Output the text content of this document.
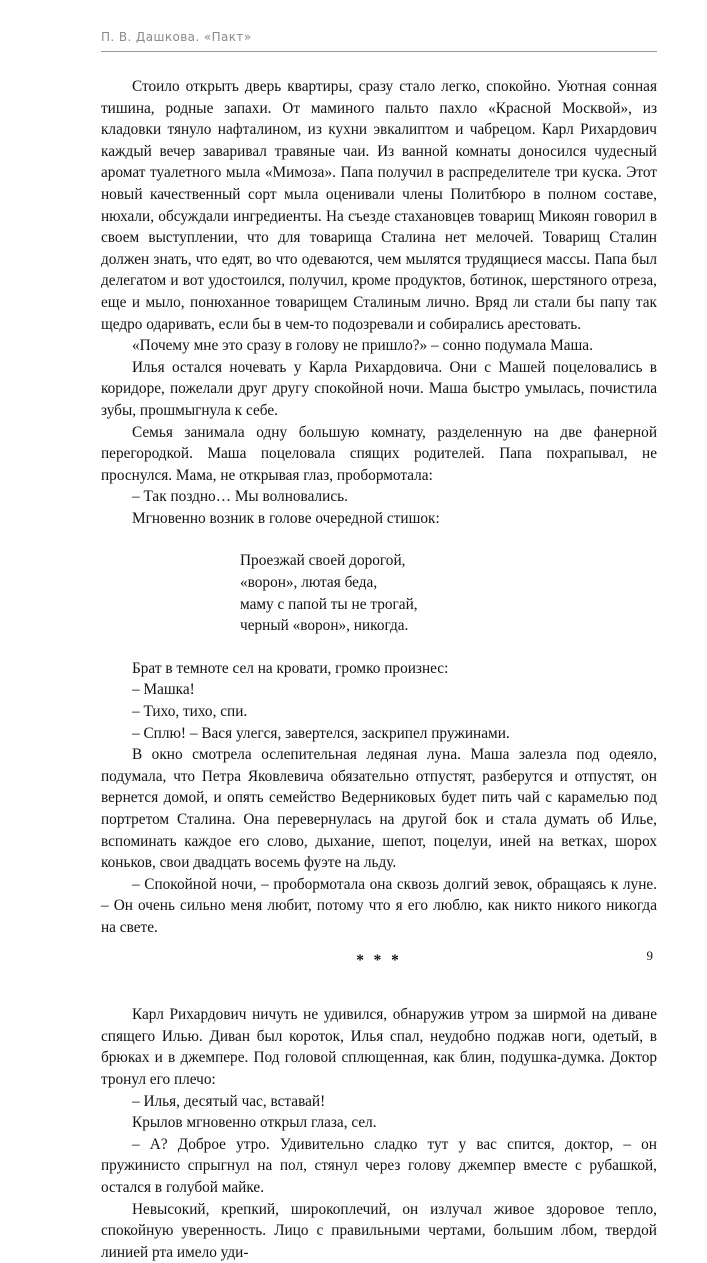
П. В. Дашкова. «Пакт»

Стоило открыть дверь квартиры, сразу стало легко, спокойно. Уютная сонная тишина, родные запахи. От маминого пальто пахло «Красной Москвой», из кладовки тянуло нафталином, из кухни эвкалиптом и чабрецом. Карл Рихардович каждый вечер заваривал травяные чаи. Из ванной комнаты доносился чудесный аромат туалетного мыла «Мимоза». Папа получил в распределителе три куска. Этот новый качественный сорт мыла оценивали члены Политбюро в полном составе, нюхали, обсуждали ингредиенты. На съезде стахановцев товарищ Микоян говорил в своем выступлении, что для товарища Сталина нет мелочей. Товарищ Сталин должен знать, что едят, во что одеваются, чем мылятся трудящиеся массы. Папа был делегатом и вот удостоился, получил, кроме продуктов, ботинок, шерстяного отреза, еще и мыло, понюханное товарищем Сталиным лично. Вряд ли стали бы папу так щедро одаривать, если бы в чем-то подозревали и собирались арестовать.

«Почему мне это сразу в голову не пришло?» – сонно подумала Маша.

Илья остался ночевать у Карла Рихардовича. Они с Машей поцеловались в коридоре, пожелали друг другу спокойной ночи. Маша быстро умылась, почистила зубы, прошмыгнула к себе.

Семья занимала одну большую комнату, разделенную на две фанерной перегородкой. Маша поцеловала спящих родителей. Папа похрапывал, не проснулся. Мама, не открывая глаз, пробормотала:

– Так поздно… Мы волновались.

Мгновенно возник в голове очередной стишок:

Проезжай своей дорогой,
«ворон», лютая беда,
маму с папой ты не трогай,
черный «ворон», никогда.

Брат в темноте сел на кровати, громко произнес:

– Машка!

– Тихо, тихо, спи.

– Сплю! – Вася улегся, завертелся, заскрипел пружинами.

В окно смотрела ослепительная ледяная луна. Маша залезла под одеяло, подумала, что Петра Яковлевича обязательно отпустят, разберутся и отпустят, он вернется домой, и опять семейство Ведерниковых будет пить чай с карамелью под портретом Сталина. Она перевернулась на другой бок и стала думать об Илье, вспоминать каждое его слово, дыхание, шепот, поцелуи, иней на ветках, шорох коньков, свои двадцать восемь фуэте на льду.

– Спокойной ночи, – пробормотала она сквозь долгий зевок, обращаясь к луне. – Он очень сильно меня любит, потому что я его люблю, как никто никого никогда на свете.

* * *

Карл Рихардович ничуть не удивился, обнаружив утром за ширмой на диване спящего Илью. Диван был короток, Илья спал, неудобно поджав ноги, одетый, в брюках и в джемпере. Под головой сплющенная, как блин, подушка-думка. Доктор тронул его плечо:

– Илья, десятый час, вставай!

Крылов мгновенно открыл глаза, сел.

– А? Доброе утро. Удивительно сладко тут у вас спится, доктор, – он пружинисто спрыгнул на пол, стянул через голову джемпер вместе с рубашкой, остался в голубой майке.

Невысокий, крепкий, широкоплечий, он излучал живое здоровое тепло, спокойную уверенность. Лицо с правильными чертами, большим лбом, твердой линией рта имело уди-

9
